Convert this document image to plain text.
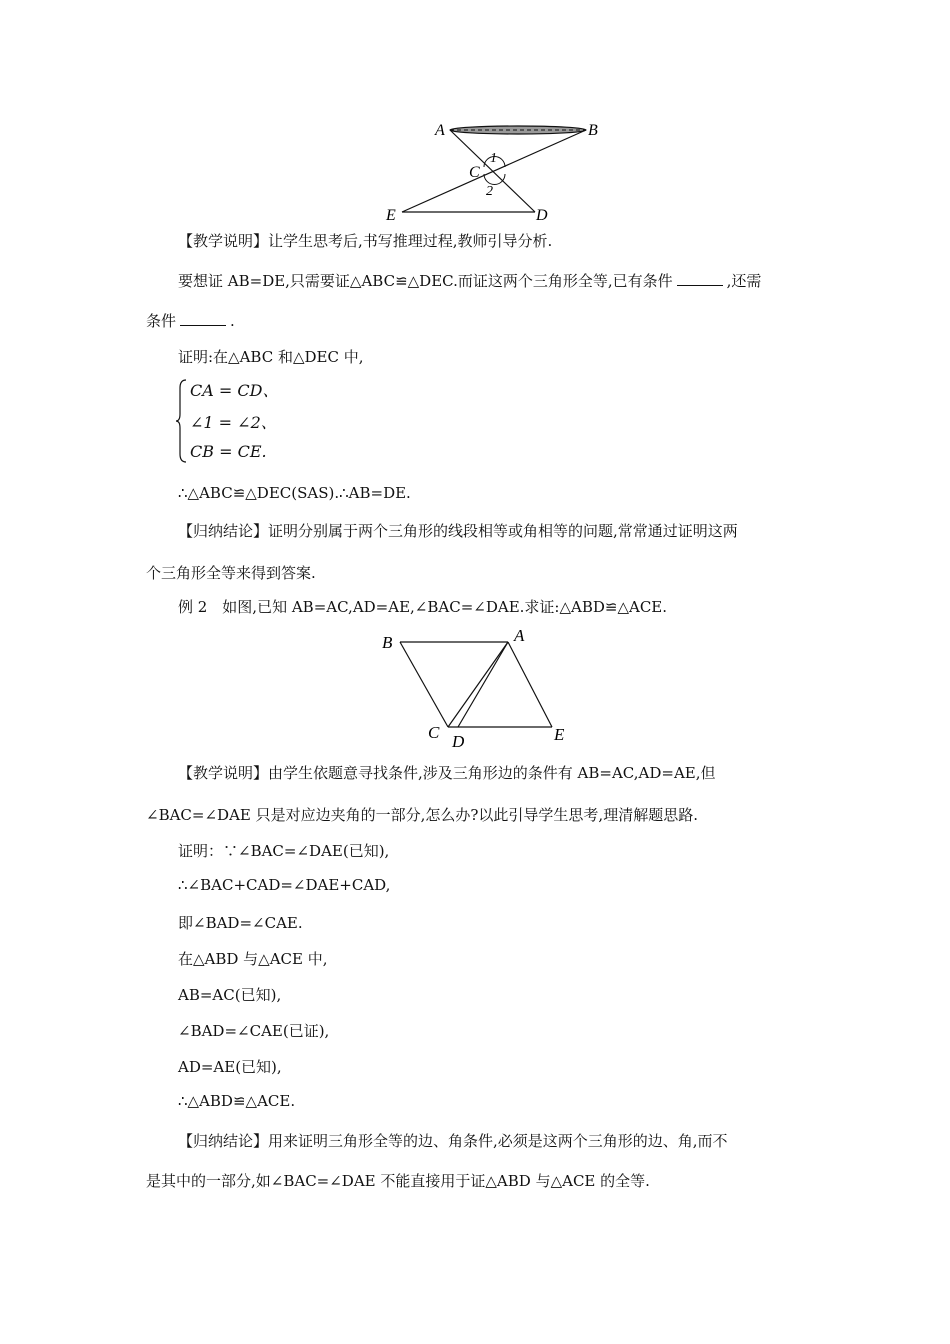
A	B
C
1
2
E	D
【教学说明】让学生思考后,书写推理过程,教师引导分析.
要想证 AB=DE,只需要证△ABC≌△DEC.而证这两个三角形全等,已有条件	,还需
条件	.
证明:在△ABC 和△DEC 中,
CA = CD、
∠1 = ∠2、
CB = CE.
∴△ABC≌△DEC(SAS).∴AB=DE.
【归纳结论】证明分别属于两个三角形的线段相等或角相等的问题,常常通过证明这两
个三角形全等来得到答案.
例 2　如图,已知 AB=AC,AD=AE,∠BAC=∠DAE.求证:△ABD≌△ACE.
B	A
C D	E
【教学说明】由学生依题意寻找条件,涉及三角形边的条件有 AB=AC,AD=AE,但
∠BAC=∠DAE 只是对应边夹角的一部分,怎么办?以此引导学生思考,理清解题思路.
证明：∵∠BAC=∠DAE(已知),
∴∠BAC+CAD=∠DAE+CAD,
即∠BAD=∠CAE.
在△ABD 与△ACE 中,
AB=AC(已知),
∠BAD=∠CAE(已证),
AD=AE(已知),
∴△ABD≌△ACE.
【归纳结论】用来证明三角形全等的边、角条件,必须是这两个三角形的边、角,而不
是其中的一部分,如∠BAC=∠DAE 不能直接用于证△ABD 与△ACE 的全等.
